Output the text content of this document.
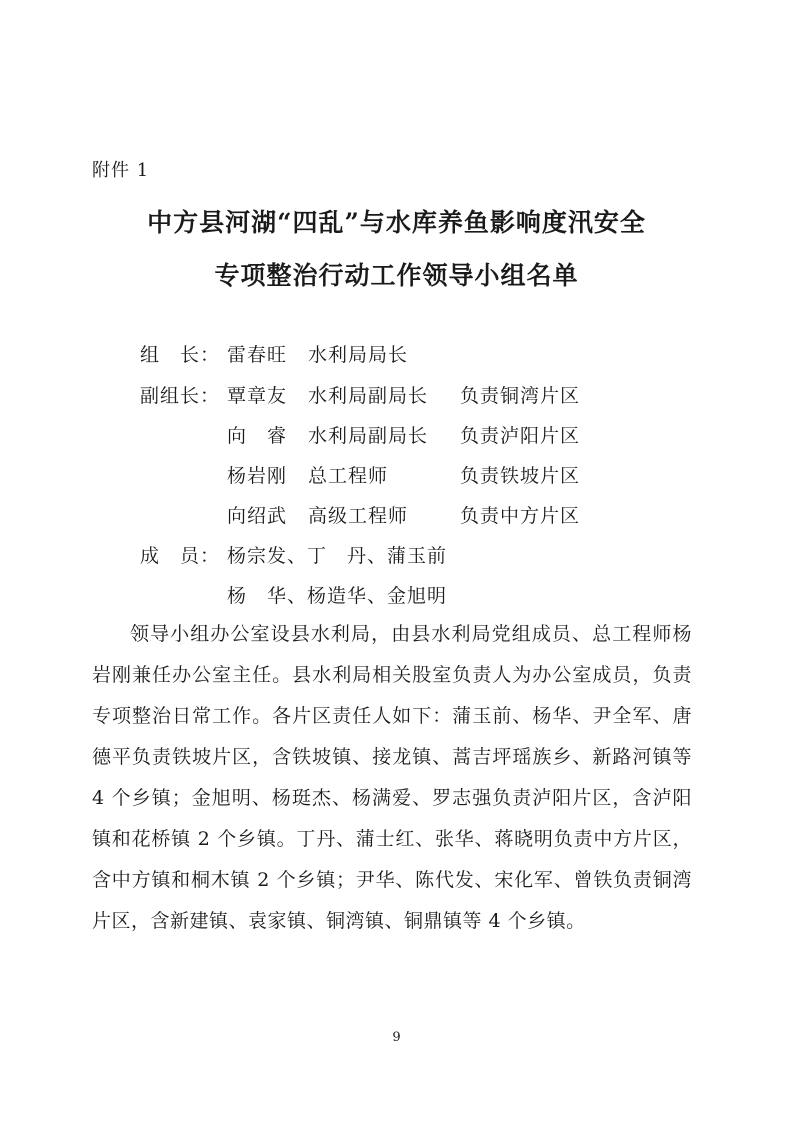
附件 1
中方县河湖“四乱”与水库养鱼影响度汛安全
专项整治行动工作领导小组名单
组　长： 雷春旺 水利局局长
副组长： 覃章友 水利局副局长 负责铜湾片区
向　睿 水利局副局长 负责泸阳片区
杨岩刚 总工程师	负责铁坡片区
向绍武 高级工程师	负责中方片区
成　员： 杨宗发、丁　丹、蒲玉前
杨　华、杨造华、金旭明
领导小组办公室设县水利局，由县水利局党组成员、总工程师杨岩刚兼任办公室主任。县水利局相关股室负责人为办公室成员，负责专项整治日常工作。各片区责任人如下：蒲玉前、杨华、尹全军、唐德平负责铁坡片区，含铁坡镇、接龙镇、蒿吉坪瑶族乡、新路河镇等 4 个乡镇；金旭明、杨珽杰、杨满爱、罗志强负责泸阳片区，含泸阳镇和花桥镇 2 个乡镇。丁丹、蒲士红、张华、蒋晓明负责中方片区，含中方镇和桐木镇 2 个乡镇；尹华、陈代发、宋化军、曾铁负责铜湾片区，含新建镇、袁家镇、铜湾镇、铜鼎镇等 4 个乡镇。
9
